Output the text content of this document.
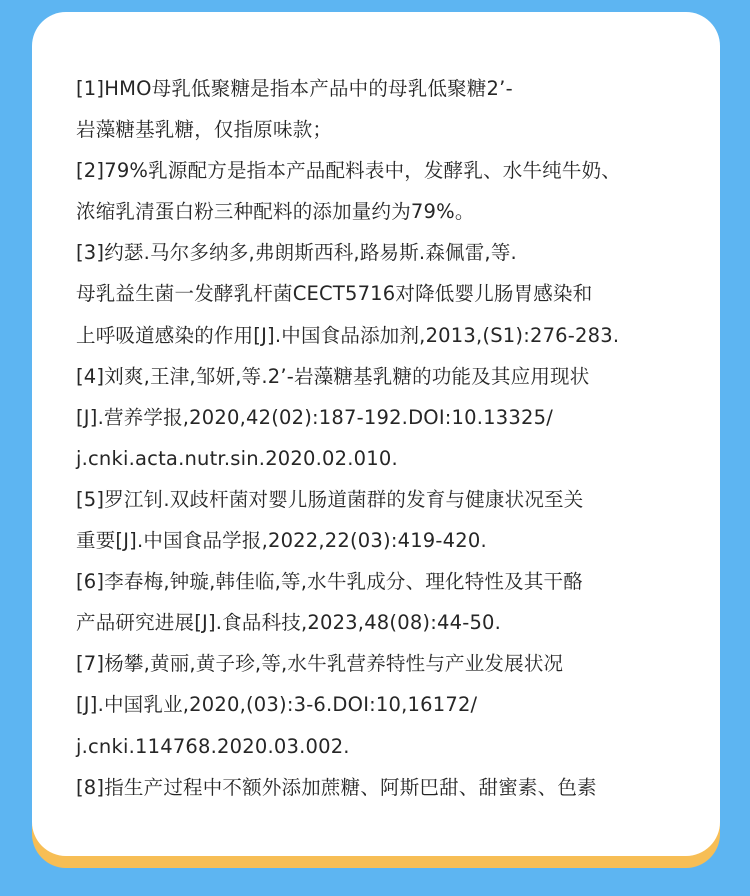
[1]HMO母乳低聚糖是指本产品中的母乳低聚糖2’-
岩藻糖基乳糖，仅指原味款；
[2]79%乳源配方是指本产品配料表中，发酵乳、水牛纯牛奶、
浓缩乳清蛋白粉三种配料的添加量约为79%。
[3]约瑟.马尔多纳多,弗朗斯西科,路易斯.森佩雷,等.
母乳益生菌一发酵乳杆菌CECT5716对降低婴儿肠胃感染和
上呼吸道感染的作用[J].中国食品添加剂,2013,(S1):276-283.
[4]刘爽,王津,邹妍,等.2’-岩藻糖基乳糖的功能及其应用现状
[J].营养学报,2020,42(02):187-192.DOI:10.13325/
j.cnki.acta.nutr.sin.2020.02.010.
[5]罗江钊.双歧杆菌对婴儿肠道菌群的发育与健康状况至关
重要[J].中国食品学报,2022,22(03):419-420.
[6]李春梅,钟璇,韩佳临,等,水牛乳成分、理化特性及其干酪
产品研究进展[J].食品科技,2023,48(08):44-50.
[7]杨攀,黄丽,黄子珍,等,水牛乳营养特性与产业发展状况
[J].中国乳业,2020,(03):3-6.DOI:10,16172/
j.cnki.114768.2020.03.002.
[8]指生产过程中不额外添加蔗糖、阿斯巴甜、甜蜜素、色素
